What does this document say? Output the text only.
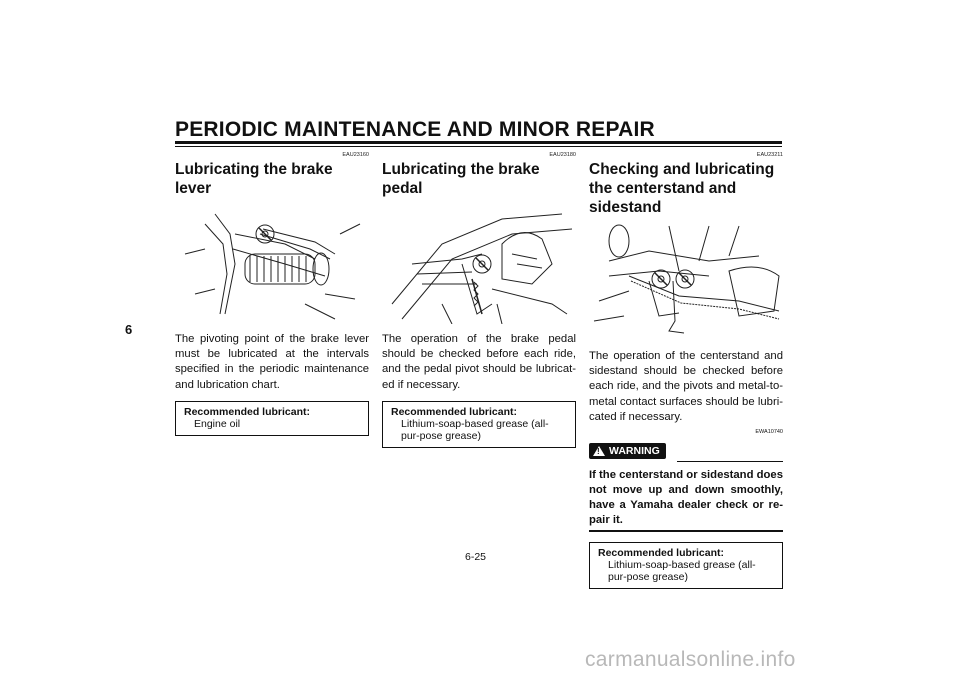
PERIODIC MAINTENANCE AND MINOR REPAIR
6
EAU23160
Lubricating the brake lever
The pivoting point of the brake lever must be lubricated at the intervals specified in the periodic maintenance and lubrication chart.
Recommended lubricant:
Engine oil
EAU23180
Lubricating the brake pedal
The operation of the brake pedal should be checked before each ride, and the pedal pivot should be lubricat-ed if necessary.
Recommended lubricant:
Lithium-soap-based grease (all-pur-pose grease)
EAU23211
Checking and lubricating the centerstand and sidestand
The operation of the centerstand and sidestand should be checked before each ride, and the pivots and metal-to-metal contact surfaces should be lubri-cated if necessary.
EWA10740
! WARNING
If the centerstand or sidestand does not move up and down smoothly, have a Yamaha dealer check or re-pair it.
Recommended lubricant:
Lithium-soap-based grease (all-pur-pose grease)
6-25
carmanualsonline.info
